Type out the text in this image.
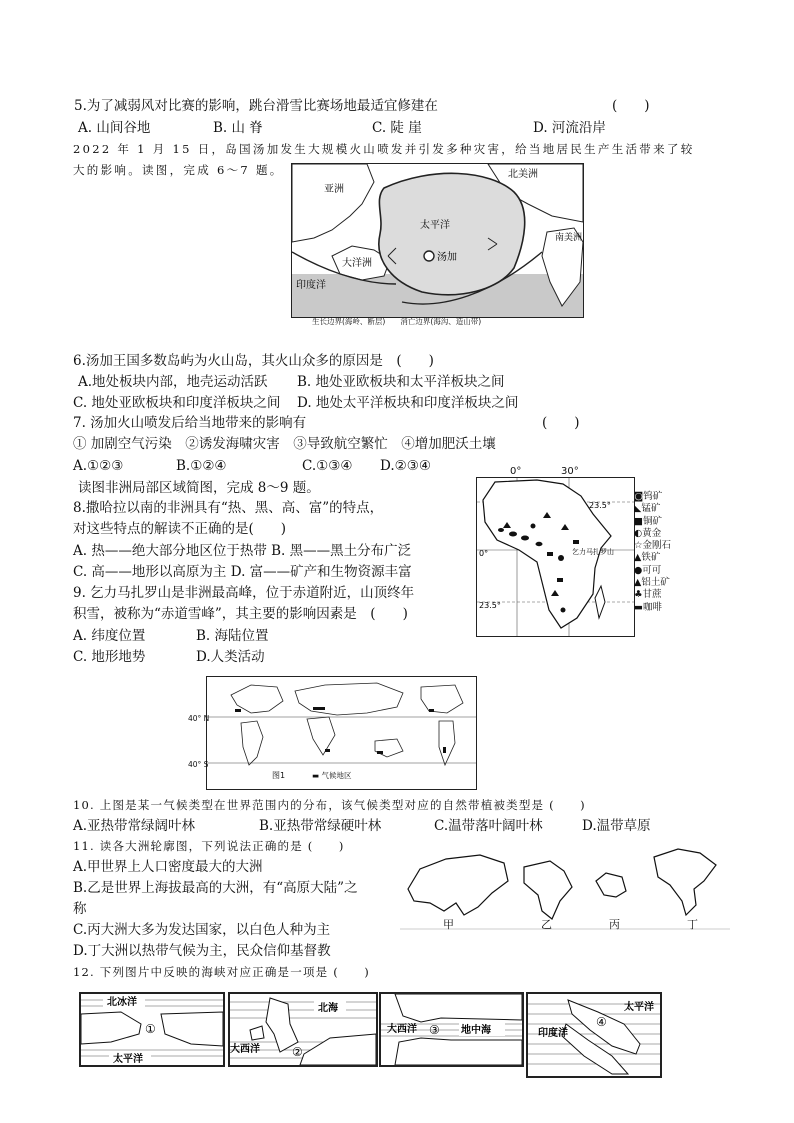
5.为了减弱风对比赛的影响，跳台滑雪比赛场地最适宜修建在	(　　)
A. 山间谷地	B. 山 脊	C. 陡 崖	D. 河流沿岸
2022 年 1 月 15 日，岛国汤加发生大规模火山喷发并引发多种灾害，给当地居民生产生活带来了较
大的影响。读图，完成 6～7 题。
亚洲
北美洲
太平洋
南美洲
大洋洲
汤加
印度洋
生长边界(海岭、断层)　　消亡边界(海沟、造山带)
6.汤加王国多数岛屿为火山岛，其火山众多的原因是　(　　)
A.地处板块内部，地壳运动活跃 B. 地处亚欧板块和太平洋板块之间
C. 地处亚欧板块和印度洋板块之间 D. 地处太平洋板块和印度洋板块之间
7. 汤加火山喷发后给当地带来的影响有	(　　)
① 加剧空气污染　②诱发海啸灾害　③导致航空繁忙　④增加肥沃土壤
A.①②③	B.①②④	C.①③④ D.②③④
读图非洲局部区域简图，完成 8～9 题。
8.撒哈拉以南的非洲具有“热、黑、高、富”的特点，
对这些特点的解读不正确的是(　　)
A. 热——绝大部分地区位于热带 B. 黑——黑土分布广泛
C. 高——地形以高原为主 D. 富——矿产和生物资源丰富
9. 乞力马扎罗山是非洲最高峰，位于赤道附近，山顶终年
积雪，被称为“赤道雪峰”，其主要的影响因素是　(　　)
A. 纬度位置	B. 海陆位置
C. 地形地势	D.人类活动
乞力马扎罗山
23.5°
0°
23.5°
0°	30°
◙钨矿
◣锰矿
■铜矿
◐黄金
☆金刚石
▲铁矿
●可可
▲铝土矿
♣甘蔗
▬咖啡
40° N
40° S
图1	▬ 气候地区
10. 上图是某一气候类型在世界范围内的分布，该气候类型对应的自然带植被类型是 (　　)
A.亚热带常绿阔叶林	B.亚热带常绿硬叶林	C.温带落叶阔叶林	D.温带草原
11. 读各大洲轮廓图，下列说法正确的是 (　　)
A.甲世界上人口密度最大的大洲
B.乙是世界上海拔最高的大洲，有“高原大陆”之
称
C.丙大洲大多为发达国家，以白色人种为主
D.丁大洲以热带气候为主，民众信仰基督教
甲	乙	丙	丁
12. 下列图片中反映的海峡对应正确是一项是 (　　)
北冰洋
太平洋
①
北海
大西洋	②
大西洋 ③ 地中海
太平洋
印度洋
④
